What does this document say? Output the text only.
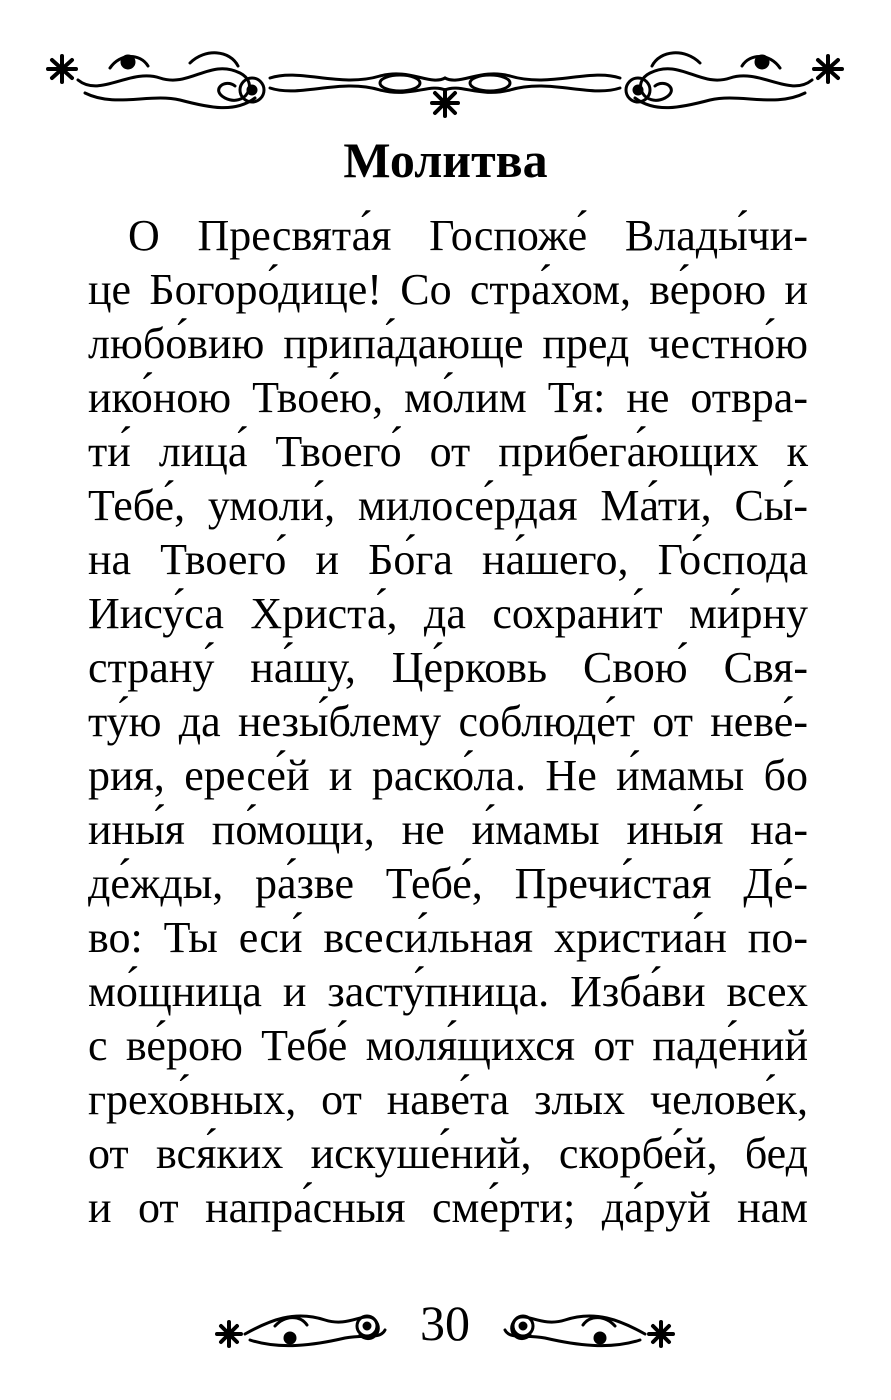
Молитва
О Пресвята́я Госпоже́ Влады́чи-
це Богоро́дице! Со стра́хом, ве́рою и
любо́вию припа́дающе пред честно́ю
ико́ною Твое́ю, мо́лим Тя: не отвра-
ти́ лица́ Твоего́ от прибега́ющих к
Тебе́, умоли́, милосе́рдая Ма́ти, Сы́-
на Твоего́ и Бо́га на́шего, Го́спода
Иису́са Христа́, да сохрани́т ми́рну
страну́ на́шу, Це́рковь Свою́ Свя-
ту́ю да незы́блему соблюде́т от неве́-
рия, ересе́й и раско́ла. Не и́мамы бо
ины́я по́мощи, не и́мамы ины́я на-
де́жды, ра́зве Тебе́, Пречи́стая Де́-
во: Ты еси́ всеси́льная христиа́н по-
мо́щница и засту́пница. Изба́ви всех
с ве́рою Тебе́ моля́щихся от паде́ний
грехо́вных, от наве́та злых челове́к,
от вся́ких искуше́ний, скорбе́й, бед
и от напра́сныя сме́рти; да́руй нам
30
